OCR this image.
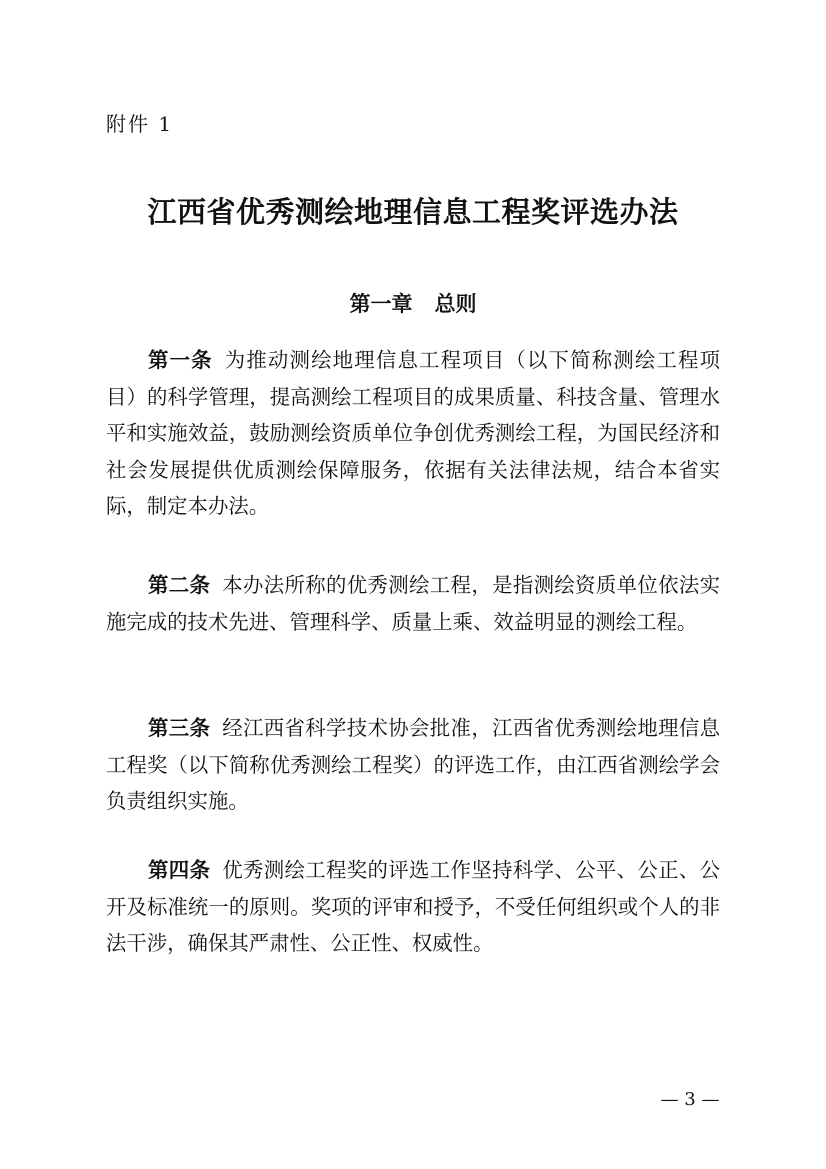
附件 1
江西省优秀测绘地理信息工程奖评选办法
第一章   总则

第一条 为推动测绘地理信息工程项目（以下简称测绘工程项目）的科学管理，提高测绘工程项目的成果质量、科技含量、管理水平和实施效益，鼓励测绘资质单位争创优秀测绘工程，为国民经济和社会发展提供优质测绘保障服务，依据有关法律法规，结合本省实际，制定本办法。

第二条 本办法所称的优秀测绘工程，是指测绘资质单位依法实施完成的技术先进、管理科学、质量上乘、效益明显的测绘工程。

第三条 经江西省科学技术协会批准，江西省优秀测绘地理信息工程奖（以下简称优秀测绘工程奖）的评选工作，由江西省测绘学会负责组织实施。

第四条 优秀测绘工程奖的评选工作坚持科学、公平、公正、公开及标准统一的原则。奖项的评审和授予，不受任何组织或个人的非法干涉，确保其严肃性、公正性、权威性。

— 3 —
